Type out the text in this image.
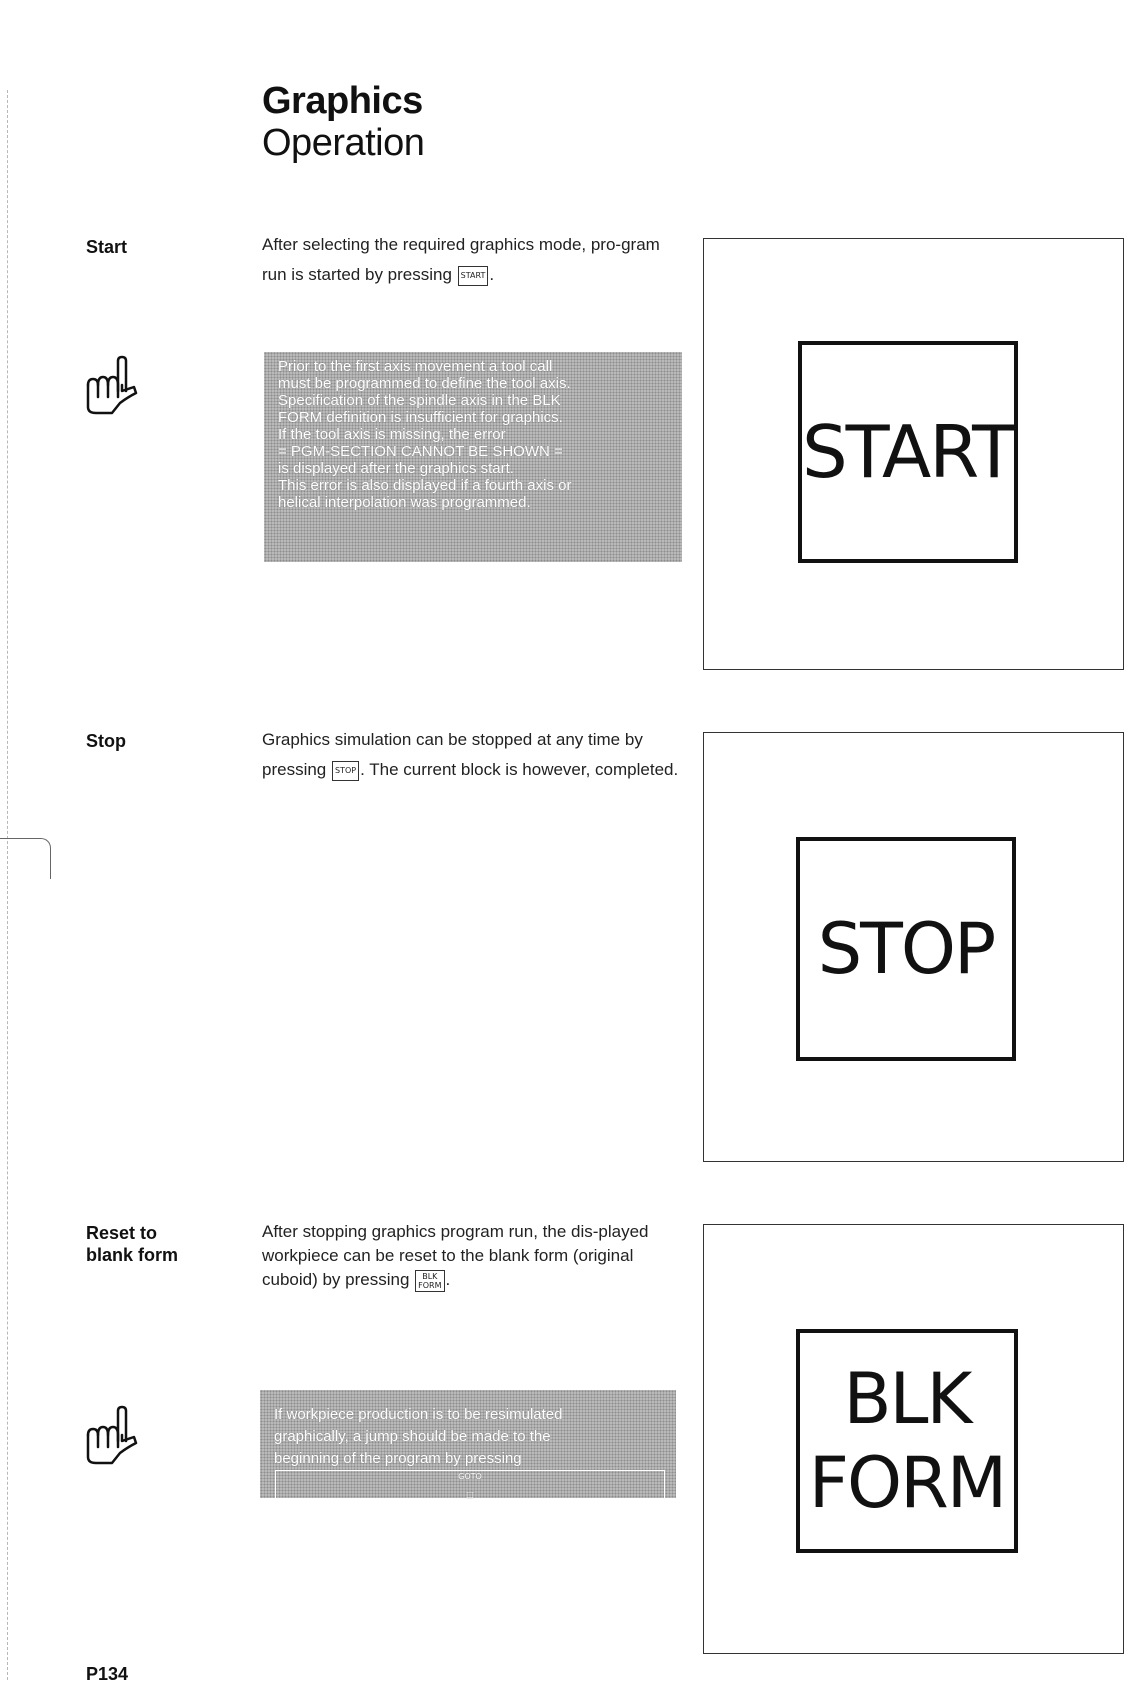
Graphics
Operation
Start	After selecting the required graphics mode, pro-gram run is started by pressing START .
Prior to the first axis movement a tool call
must be programmed to define the tool axis.
Specification of the spindle axis in the BLK
FORM definition is insufficient for graphics.
If the tool axis is missing, the error
= PGM-SECTION CANNOT BE SHOWN =
is displayed after the graphics start.
This error is also displayed if a fourth axis or
helical interpolation was programmed.
START
Stop	Graphics simulation can be stopped at any time by pressing STOP . The current block is however, completed.
STOP
Reset to
blank form
After stopping graphics program run, the dis-played workpiece can be reset to the blank form (original cuboid) by pressing BLK
FORM .
If workpiece production is to be resimulated
graphically, a jump should be made to the
beginning of the program by pressing
GOTO

□
BLK
FORM
P134
